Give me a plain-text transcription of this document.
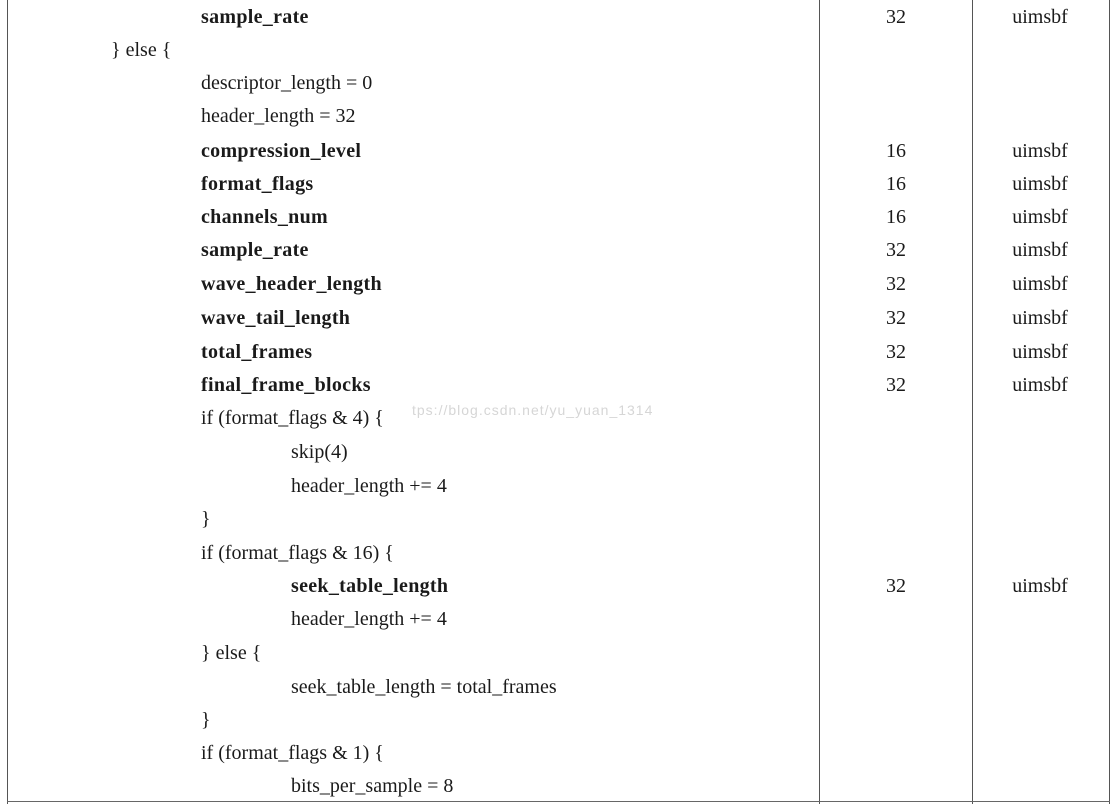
tps://blog.csdn.net/yu_yuan_1314
sample_rate	32	uimsbf
} else {
descriptor_length = 0
header_length = 32
compression_level	16	uimsbf
format_flags	16	uimsbf
channels_num	16	uimsbf
sample_rate	32	uimsbf
wave_header_length	32	uimsbf
wave_tail_length	32	uimsbf
total_frames	32	uimsbf
final_frame_blocks	32	uimsbf
if (format_flags & 4) {
skip(4)
header_length += 4
}
if (format_flags & 16) {
seek_table_length	32	uimsbf
header_length += 4
} else {
seek_table_length = total_frames
}
if (format_flags & 1) {
bits_per_sample = 8
